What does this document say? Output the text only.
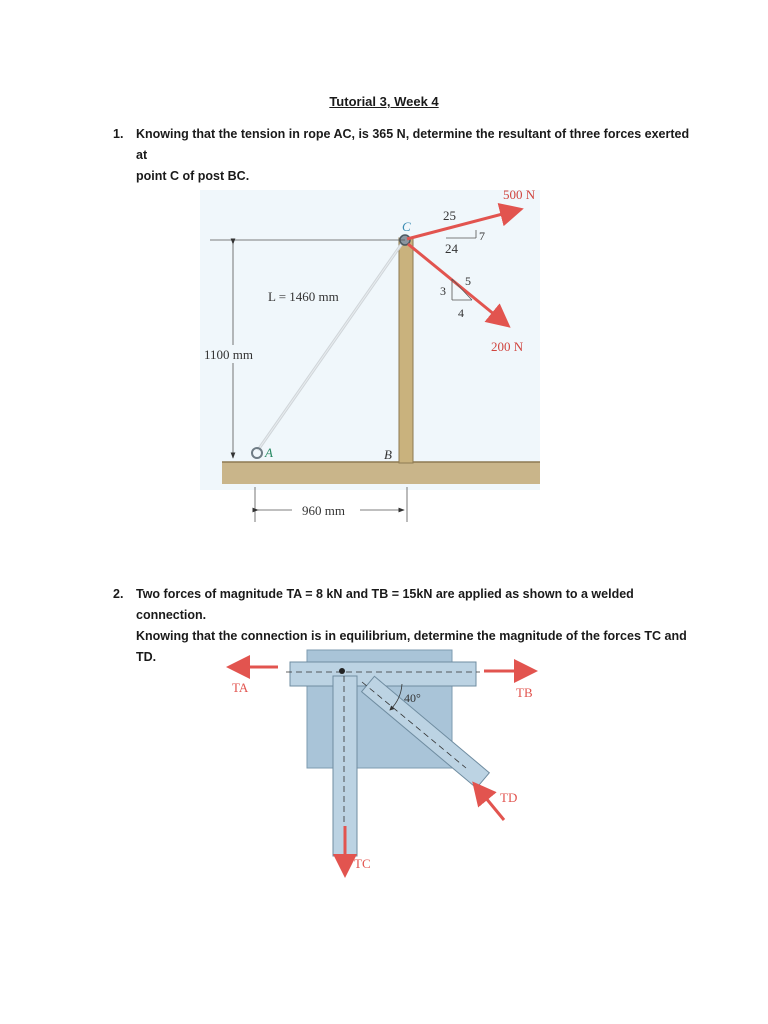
Tutorial 3, Week 4
1. Knowing that the tension in rope AC, is 365 N, determine the resultant of three forces exerted at
point C of post BC.
1100 mm
960 mm
L = 1460 mm
C
A	B
500 N
25
7
24
200 N
3
5
4
2. Two forces of magnitude TA = 8 kN and TB = 15kN are applied as shown to a welded connection.
Knowing that the connection is in equilibrium, determine the magnitude of the forces TC and TD.
40°
TA	TB
TC
TD
